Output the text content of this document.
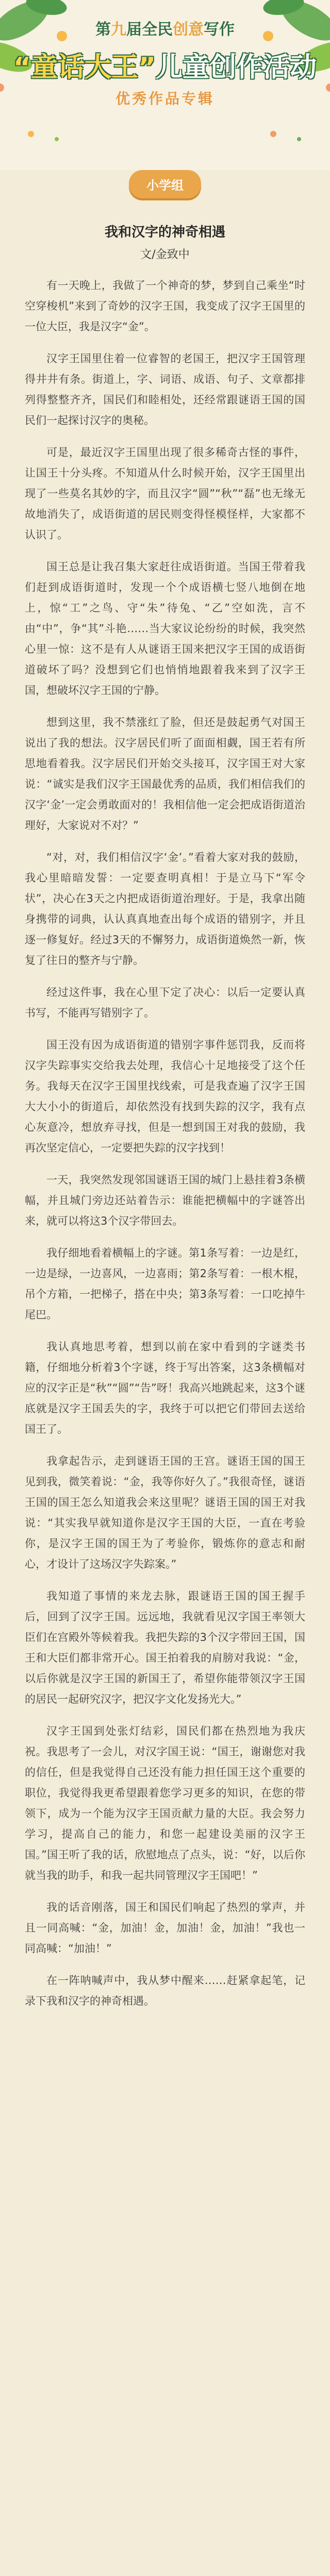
第九届全民创意写作
“童话大王”儿童创作活动
优秀作品专辑
小学组
我和汉字的神奇相遇
文/金致中

有一天晚上，我做了一个神奇的梦，梦到自己乘坐“时空穿梭机”来到了奇妙的汉字王国，我变成了汉字王国里的一位大臣，我是汉字“金”。

汉字王国里住着一位睿智的老国王，把汉字王国管理得井井有条。街道上，字、词语、成语、句子、文章都排列得整整齐齐，国民们和睦相处，还经常跟谜语王国的国民们一起探讨汉字的奥秘。

可是，最近汉字王国里出现了很多稀奇古怪的事件，让国王十分头疼。不知道从什么时候开始，汉字王国里出现了一些莫名其妙的字，而且汉字“圆”“秋”“磊”也无缘无故地消失了，成语街道的居民则变得怪模怪样，大家都不认识了。

国王总是让我召集大家赶往成语街道。当国王带着我们赶到成语街道时，发现一个个成语横七竖八地倒在地上，惊“工”之鸟、守“朱”待兔、“乙”空如洗，言不由“中”，争“其”斗艳……当大家议论纷纷的时候，我突然心里一惊：这不是有人从谜语王国来把汉字王国的成语街道破坏了吗？没想到它们也悄悄地跟着我来到了汉字王国，想破坏汉字王国的宁静。

想到这里，我不禁涨红了脸，但还是鼓起勇气对国王说出了我的想法。汉字居民们听了面面相觑，国王若有所思地看着我。汉字居民们开始交头接耳，汉字国王对大家说：“诚实是我们汉字王国最优秀的品质，我们相信我们的汉字‘金’一定会勇敢面对的！我相信他一定会把成语街道治理好，大家说对不对？”

“对，对，我们相信汉字‘金’。”看着大家对我的鼓励，我心里暗暗发誓：一定要查明真相！于是立马下“军令状”，决心在3天之内把成语街道治理好。于是，我拿出随身携带的词典，认认真真地查出每个成语的错别字，并且逐一修复好。经过3天的不懈努力，成语街道焕然一新，恢复了往日的整齐与宁静。

经过这件事，我在心里下定了决心：以后一定要认真书写，不能再写错别字了。

国王没有因为成语街道的错别字事件惩罚我，反而将汉字失踪事实交给我去处理，我信心十足地接受了这个任务。我每天在汉字王国里找线索，可是我查遍了汉字王国大大小小的街道后，却依然没有找到失踪的汉字，我有点心灰意冷，想放弃寻找，但是一想到国王对我的鼓励，我再次坚定信心，一定要把失踪的汉字找到！

一天，我突然发现邻国谜语王国的城门上悬挂着3条横幅，并且城门旁边还站着告示：谁能把横幅中的字谜答出来，就可以将这3个汉字带回去。

我仔细地看着横幅上的字谜。第1条写着：一边是红，一边是绿，一边喜风，一边喜雨；第2条写着：一根木棍，吊个方箱，一把梯子，搭在中央；第3条写着：一口吃掉牛尾巴。

我认真地思考着，想到以前在家中看到的字谜类书籍，仔细地分析着3个字谜，终于写出答案，这3条横幅对应的汉字正是“秋”“圆”“告”呀！我高兴地跳起来，这3个谜底就是汉字王国丢失的字，我终于可以把它们带回去送给国王了。

我拿起告示，走到谜语王国的王宫。谜语王国的国王见到我，微笑着说：“金，我等你好久了。”我很奇怪，谜语王国的国王怎么知道我会来这里呢？谜语王国的国王对我说：“其实我早就知道你是汉字王国的大臣，一直在考验你，是汉字王国的国王为了考验你，锻炼你的意志和耐心，才设计了这场汉字失踪案。”

我知道了事情的来龙去脉，跟谜语王国的国王握手后，回到了汉字王国。远远地，我就看见汉字国王率领大臣们在宫殿外等候着我。我把失踪的3个汉字带回王国，国王和大臣们都非常开心。国王拍着我的肩膀对我说：“金，以后你就是汉字王国的新国王了，希望你能带领汉字王国的居民一起研究汉字，把汉字文化发扬光大。”

汉字王国到处张灯结彩，国民们都在热烈地为我庆祝。我思考了一会儿，对汉字国王说：“国王，谢谢您对我的信任，但是我觉得自己还没有能力担任国王这个重要的职位，我觉得我更希望跟着您学习更多的知识，在您的带领下，成为一个能为汉字王国贡献力量的大臣。我会努力学习，提高自己的能力，和您一起建设美丽的汉字王国。”国王听了我的话，欣慰地点了点头，说：“好，以后你就当我的助手，和我一起共同管理汉字王国吧！”

我的话音刚落，国王和国民们响起了热烈的掌声，并且一同高喊：“金，加油！金，加油！金，加油！”我也一同高喊：“加油！”

在一阵呐喊声中，我从梦中醒来……赶紧拿起笔，记录下我和汉字的神奇相遇。
